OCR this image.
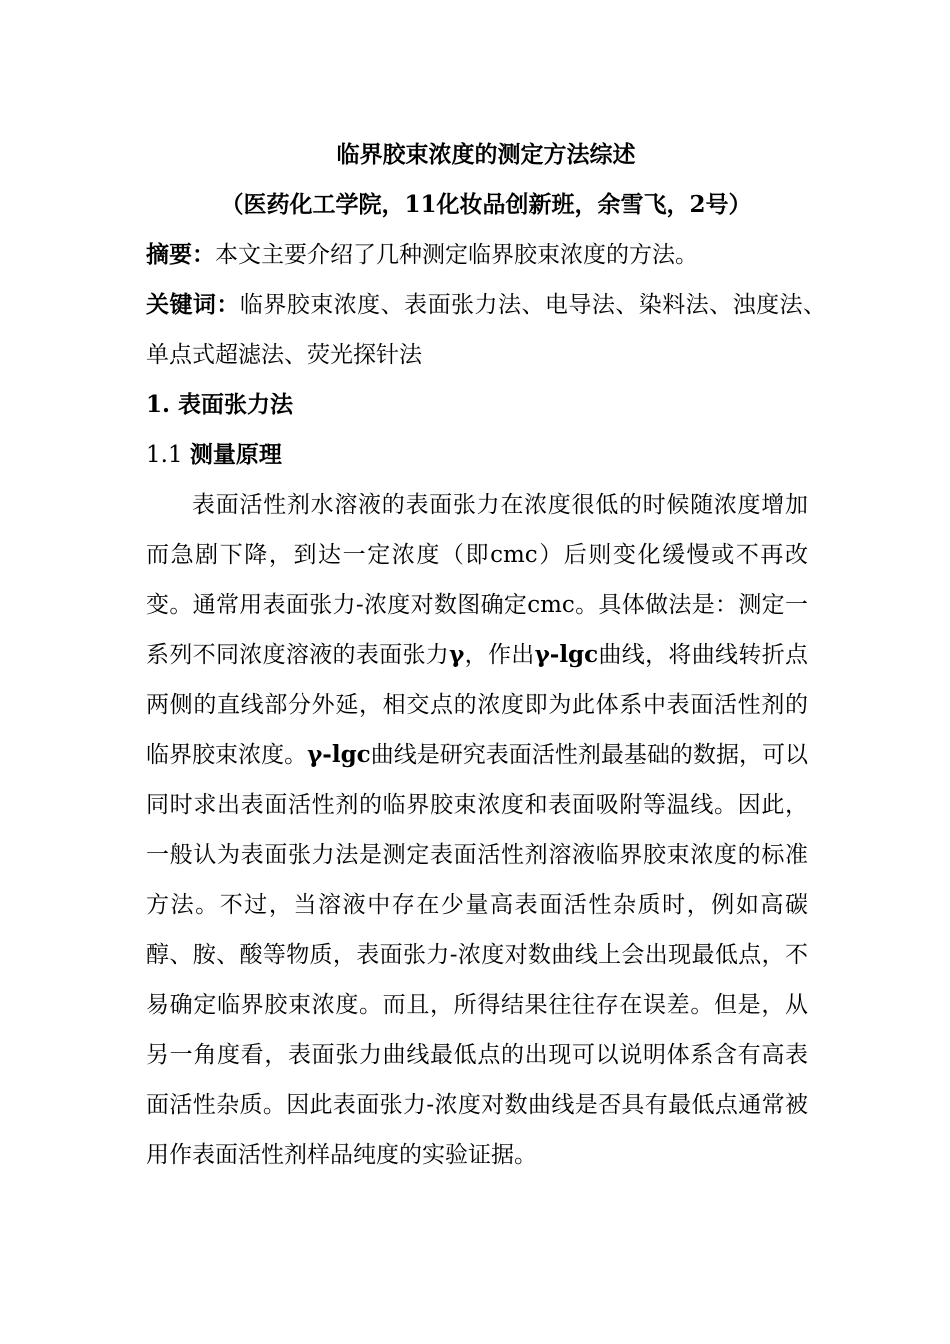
临界胶束浓度的测定方法综述

（医药化工学院，11化妆品创新班，余雪飞，2号）

摘要：本文主要介绍了几种测定临界胶束浓度的方法。

关键词：临界胶束浓度、表面张力法、电导法、染料法、浊度法、单点式超滤法、荧光探针法

1. 表面张力法

1.1 测量原理

表面活性剂水溶液的表面张力在浓度很低的时候随浓度增加而急剧下降，到达一定浓度（即cmc）后则变化缓慢或不再改变。通常用表面张力-浓度对数图确定cmc。具体做法是：测定一系列不同浓度溶液的表面张力γ，作出γ-lgc曲线，将曲线转折点两侧的直线部分外延，相交点的浓度即为此体系中表面活性剂的临界胶束浓度。γ-lgc曲线是研究表面活性剂最基础的数据，可以同时求出表面活性剂的临界胶束浓度和表面吸附等温线。因此，一般认为表面张力法是测定表面活性剂溶液临界胶束浓度的标准方法。不过，当溶液中存在少量高表面活性杂质时，例如高碳醇、胺、酸等物质，表面张力-浓度对数曲线上会出现最低点，不易确定临界胶束浓度。而且，所得结果往往存在误差。但是，从另一角度看，表面张力曲线最低点的出现可以说明体系含有高表面活性杂质。因此表面张力-浓度对数曲线是否具有最低点通常被用作表面活性剂样品纯度的实验证据。
